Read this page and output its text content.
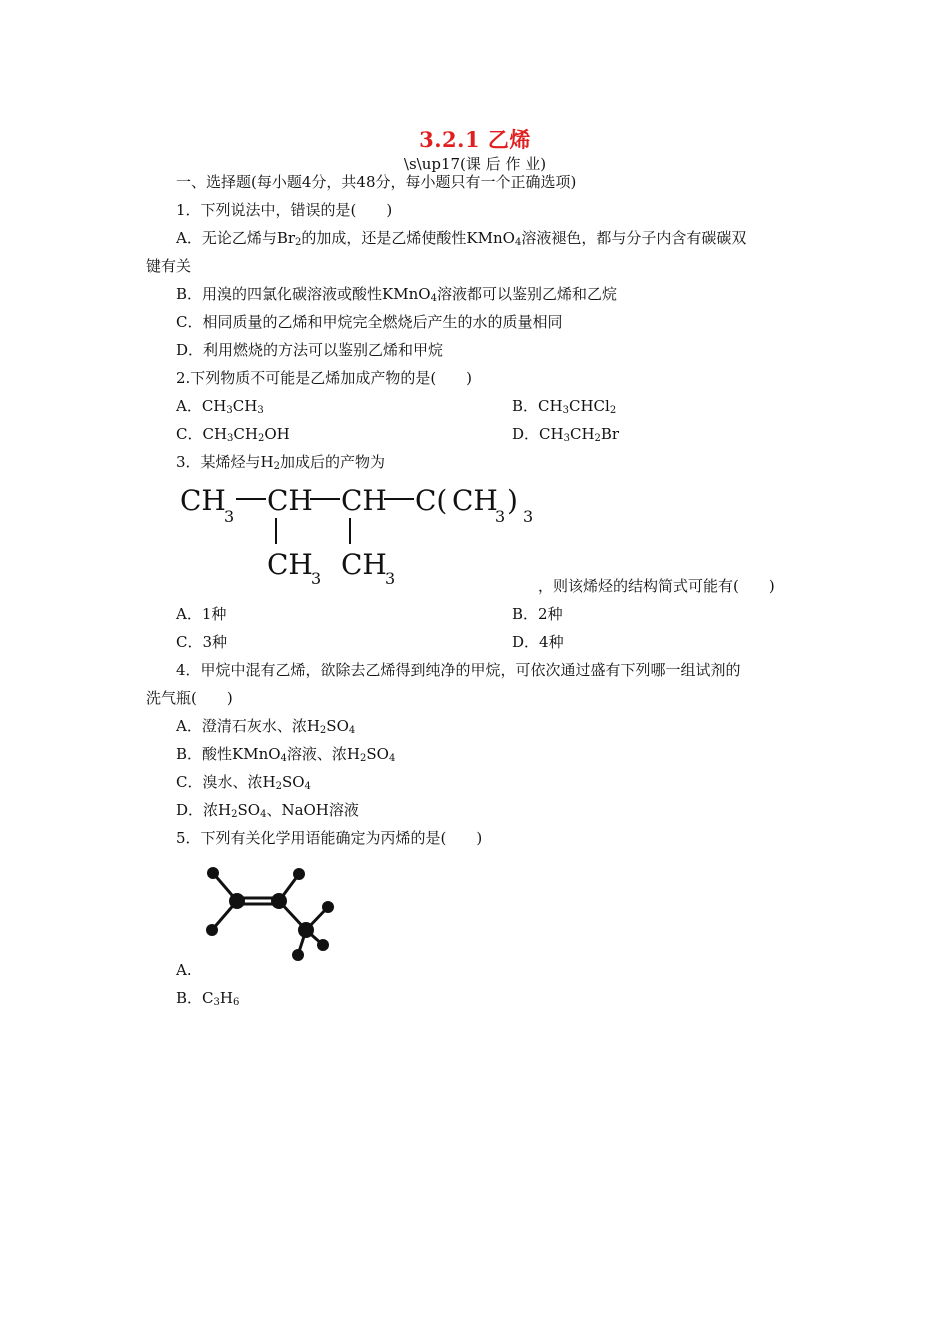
3.2.1 乙烯
\s\up17(课 后 作 业)
一、选择题(每小题4分，共48分，每小题只有一个正确选项)
1．下列说法中，错误的是(　　)
A．无论乙烯与$Br_2$的加成，还是乙烯使酸性KMnO$_4$溶液褪色，都与分子内含有碳碳双
键有关
B．用溴的四氯化碳溶液或酸性KMnO$_4$溶液都可以鉴别乙烯和乙烷
C．相同质量的乙烯和甲烷完全燃烧后产生的水的质量相同
D．利用燃烧的方法可以鉴别乙烯和甲烷
2.下列物质不可能是乙烯加成产物的是(　　)
A．$CH_3CH_3$	B．$CH_3CHCl_2$
C．$CH_3CH_2OH$	D．$CH_3CH_2Br$
3．某烯烃与$H_2$加成后的产物为
CH
3 CH CH C( CH
3 ) 3
CH
3 CH
3	，则该烯烃的结构简式可能有(　　)
A．1种	B．2种
C．3种	D．4种
4．甲烷中混有乙烯，欲除去乙烯得到纯净的甲烷，可依次通过盛有下列哪一组试剂的
洗气瓶(　　)
A．澄清石灰水、浓$H_2SO_4$
B．酸性KMnO$_4$溶液、浓$H_2SO_4$
C．溴水、浓$H_2SO_4$
D．浓$H_2SO_4$、NaOH溶液
5．下列有关化学用语能确定为丙烯的是(　　)
A.
B．$C_3H_6$
